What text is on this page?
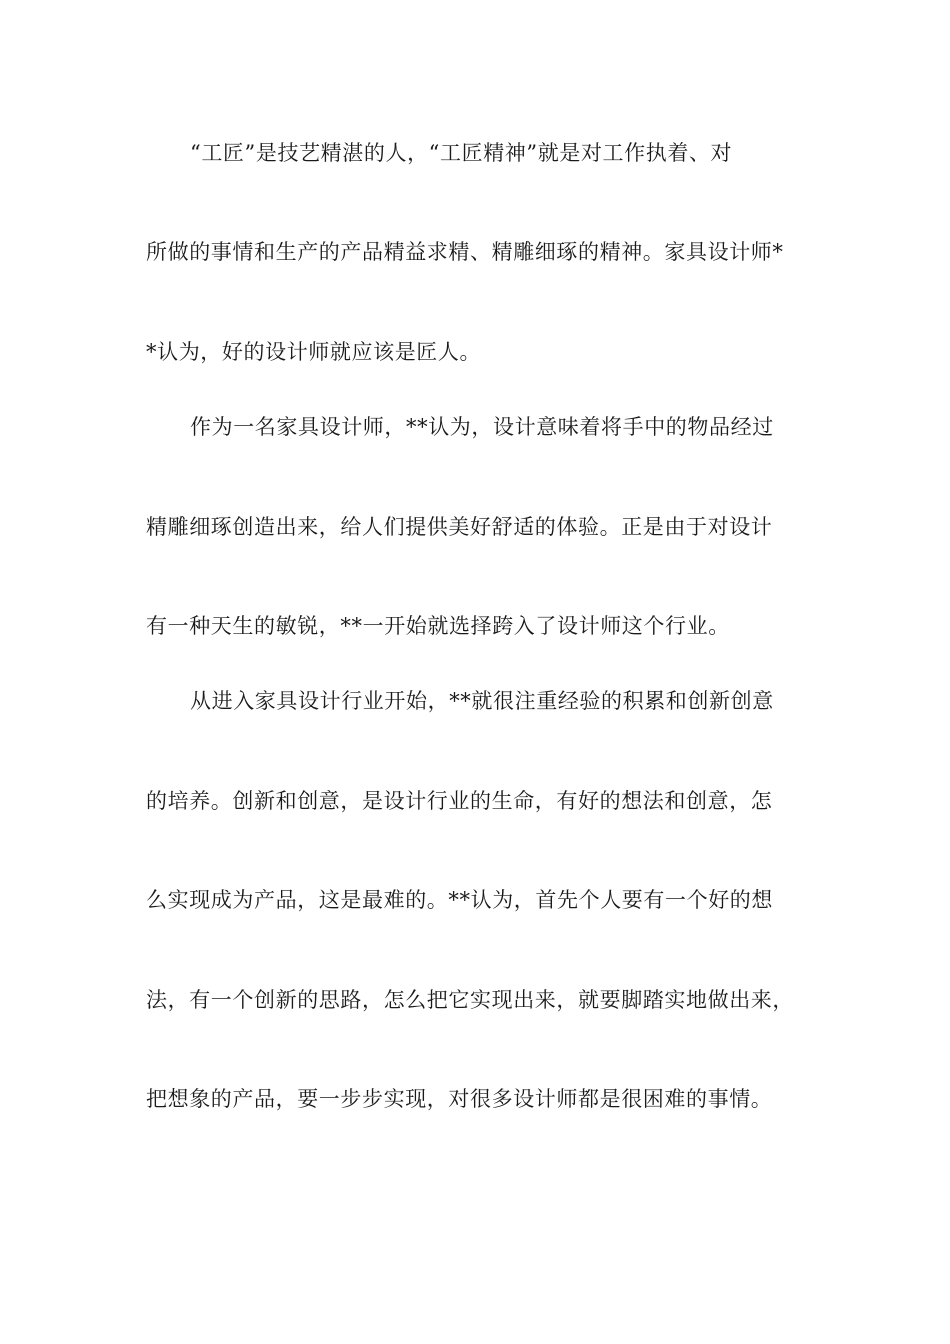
“工匠”是技艺精湛的人，“工匠精神”就是对工作执着、对
所做的事情和生产的产品精益求精、精雕细琢的精神。家具设计师*
*认为，好的设计师就应该是匠人。
作为一名家具设计师，**认为，设计意味着将手中的物品经过
精雕细琢创造出来，给人们提供美好舒适的体验。正是由于对设计
有一种天生的敏锐，**一开始就选择跨入了设计师这个行业。
从进入家具设计行业开始，**就很注重经验的积累和创新创意
的培养。创新和创意，是设计行业的生命，有好的想法和创意，怎
么实现成为产品，这是最难的。**认为，首先个人要有一个好的想
法，有一个创新的思路，怎么把它实现出来，就要脚踏实地做出来，
把想象的产品，要一步步实现，对很多设计师都是很困难的事情。
